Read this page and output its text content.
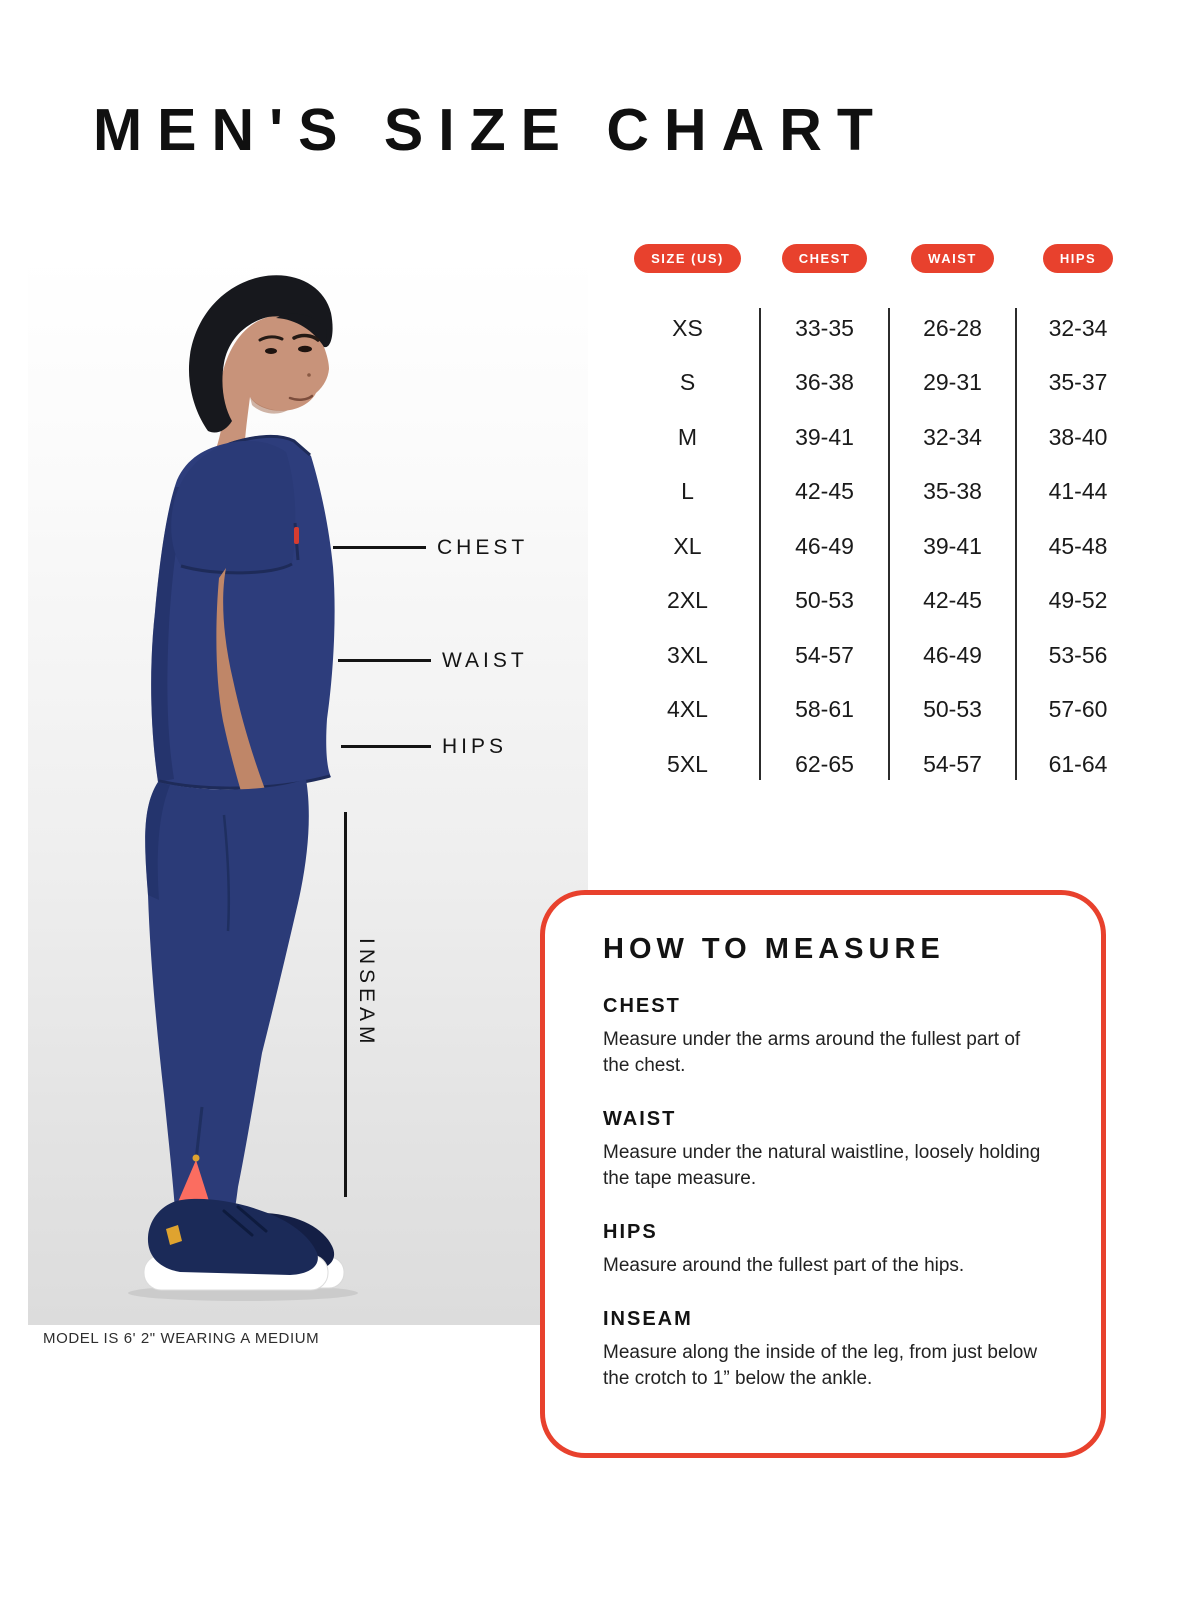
MEN'S SIZE CHART
CHEST
WAIST
HIPS
INSEAM
MODEL IS 6' 2" WEARING A MEDIUM
SIZE (US)	CHEST	WAIST	HIPS
XS	33-35	26-28	32-34
S	36-38	29-31	35-37
M	39-41	32-34	38-40
L	42-45	35-38	41-44
XL	46-49	39-41	45-48
2XL	50-53	42-45	49-52
3XL	54-57	46-49	53-56
4XL	58-61	50-53	57-60
5XL	62-65	54-57	61-64
HOW TO MEASURE
CHEST

Measure under the arms around the fullest part of the chest.

WAIST

Measure under the natural waistline, loosely holding the tape measure.

HIPS

Measure around the fullest part of the hips.

INSEAM

Measure along the inside of the leg, from just below the crotch to 1” below the ankle.
